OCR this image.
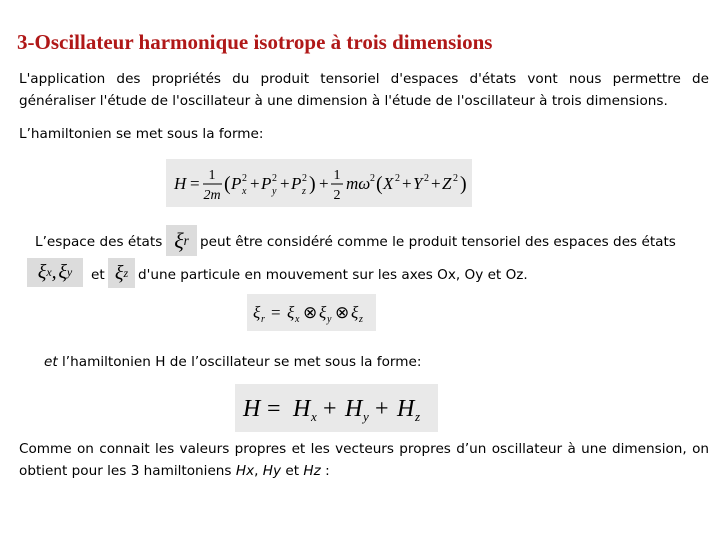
3-Oscillateur harmonique isotrope à trois dimensions
L'application des propriétés du produit tensoriel d'espaces d'états vont nous permettre de généraliser l'étude de l'oscillateur à une dimension à l'étude de l'oscillateur à trois dimensions.
L’hamiltonien se met sous la forme:
H = 1
2m
( P 2
x + P 2
y + P 2
z ) + 1
2
mω 2 ( X 2 + Y 2 + Z 2 )
L’espace des états ξ r peut être considéré comme le produit tensoriel des espaces des états
ξ x ,
  ξ y et ξ z d'une particule en mouvement sur les axes Ox, Oy et Oz.
ξ r = ξ x ⊗ ξ y ⊗ ξ z
et l’hamiltonien H de l’oscillateur se met sous la forme:
H = H x + H y + H z
Comme on connait les valeurs propres et les vecteurs propres d’un oscillateur à une dimension, on obtient pour les 3 hamiltoniens Hx, Hy et Hz :
